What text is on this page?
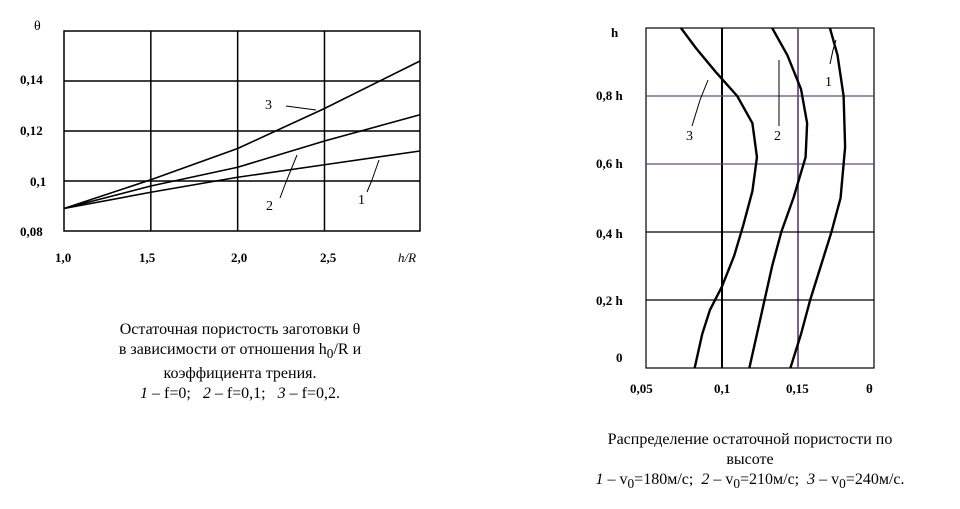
θ
0,14
0,12
0,1
0,08
1,0	1,5	2,0	2,5	h/R
3
2	1
h
0,8 h
0,6 h
0,4 h
0,2 h
0
0,05	0,1	0,15	θ
3	2
1
Остаточная пористость заготовки θ
в зависимости от отношения $h_0/R$ и
коэффициента трения.
1 – f=0;   2 – f=0,1;   3 – f=0,2.
Распределение остаточной пористости по
высоте
$1 - v_0=180м/с$;  $2 - v_0=210м/с$;  $3 - v_0=240м/с$.
